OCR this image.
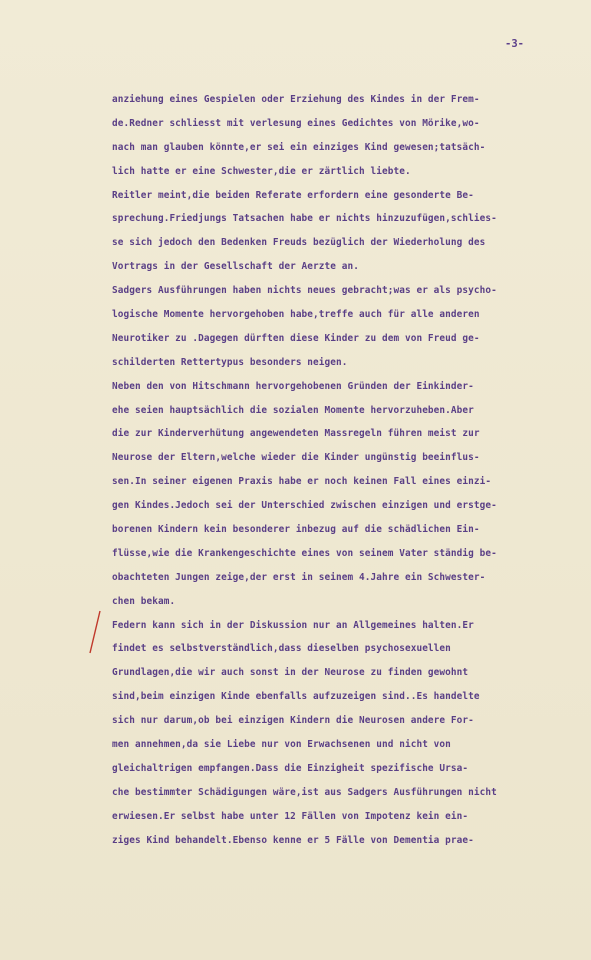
-3-
anziehung eines Gespielen oder Erziehung des Kindes in der Frem-
de.Redner schliesst mit verlesung eines Gedichtes von Mörike,wo-
nach man glauben könnte,er sei ein einziges Kind gewesen;tatsäch-
lich hatte er eine Schwester,die er zärtlich liebte.
Reitler meint,die beiden Referate erfordern eine gesonderte Be-
sprechung.Friedjungs Tatsachen habe er nichts hinzuzufügen,schlies-
se sich jedoch den Bedenken Freuds bezüglich der Wiederholung des
Vortrags in der Gesellschaft der Aerzte an.
Sadgers Ausführungen haben nichts neues gebracht;was er als psycho-
logische Momente hervorgehoben habe,treffe auch für alle anderen
Neurotiker zu .Dagegen dürften diese Kinder zu dem von Freud ge-
schilderten Rettertypus besonders neigen.
Neben den von Hitschmann hervorgehobenen Gründen der Einkinder-
ehe seien hauptsächlich die sozialen Momente hervorzuheben.Aber
die zur Kinderverhütung angewendeten Massregeln führen meist zur
Neurose der Eltern,welche wieder die Kinder ungünstig beeinflus-
sen.In seiner eigenen Praxis habe er noch keinen Fall eines einzi-
gen Kindes.Jedoch sei der Unterschied zwischen einzigen und erstge-
borenen Kindern kein besonderer inbezug auf die schädlichen Ein-
flüsse,wie die Krankengeschichte eines von seinem Vater ständig be-
obachteten Jungen zeige,der erst in seinem 4.Jahre ein Schwester-
chen bekam.
Federn kann sich in der Diskussion nur an Allgemeines halten.Er
findet es selbstverständlich,dass dieselben psychosexuellen
Grundlagen,die wir auch sonst in der Neurose zu finden gewohnt
sind,beim einzigen Kinde ebenfalls aufzuzeigen sind..Es handelte
sich nur darum,ob bei einzigen Kindern die Neurosen andere For-
men annehmen,da sie Liebe nur von Erwachsenen und nicht von
gleichaltrigen empfangen.Dass die Einzigheit spezifische Ursa-
che bestimmter Schädigungen wäre,ist aus Sadgers Ausführungen nicht
erwiesen.Er selbst habe unter 12 Fällen von Impotenz kein ein-
ziges Kind behandelt.Ebenso kenne er 5 Fälle von Dementia prae-
